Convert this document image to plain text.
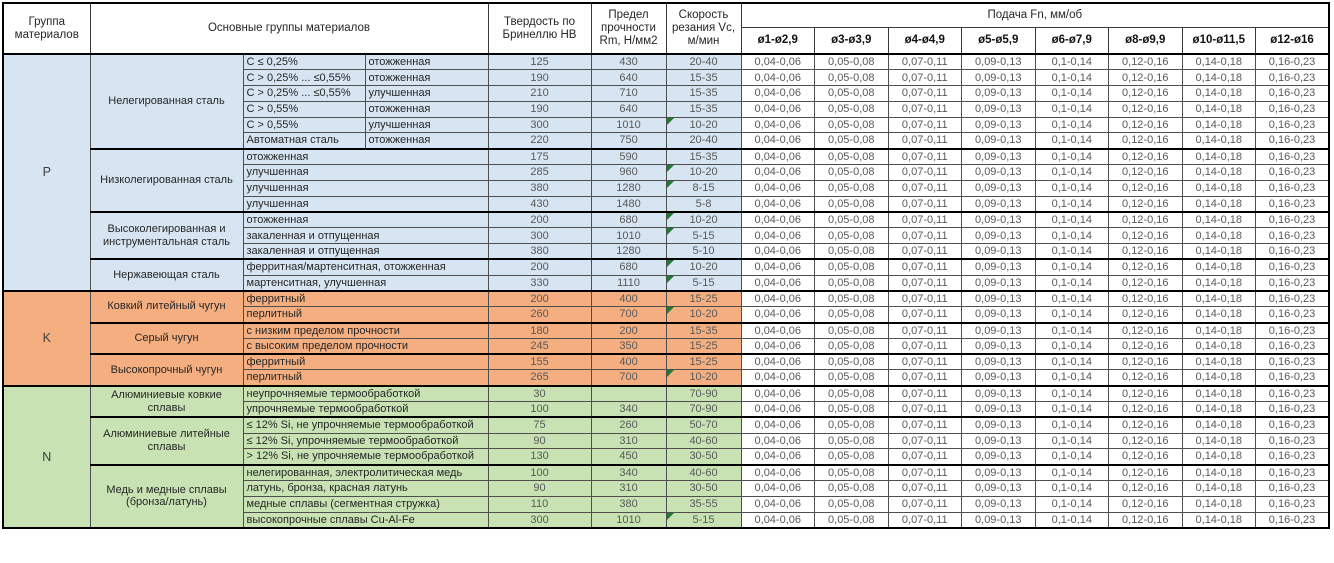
Группа материалов	Основные группы материалов			Твердость по Бринеллю НВ	Предел прочности Rm, Н/мм2	Скорость резания Vc, м/мин	Подача Fn, мм/об							
							ø1-ø2,9	ø3-ø3,9	ø4-ø4,9	ø5-ø5,9	ø6-ø7,9	ø8-ø9,9	ø10-ø11,5	ø12-ø16
P	Нелегированная сталь	C ≤ 0,25%	отожженная	125	430	20-40	0,04-0,06	0,05-0,08	0,07-0,11	0,09-0,13	0,1-0,14	0,12-0,16	0,14-0,18	0,16-0,23
		C > 0,25% ... ≤0,55%	отожженная	190	640	15-35	0,04-0,06	0,05-0,08	0,07-0,11	0,09-0,13	0,1-0,14	0,12-0,16	0,14-0,18	0,16-0,23
		C > 0,25% ... ≤0,55%	улучшенная	210	710	15-35	0,04-0,06	0,05-0,08	0,07-0,11	0,09-0,13	0,1-0,14	0,12-0,16	0,14-0,18	0,16-0,23
		C > 0,55%	отожженная	190	640	15-35	0,04-0,06	0,05-0,08	0,07-0,11	0,09-0,13	0,1-0,14	0,12-0,16	0,14-0,18	0,16-0,23
		C > 0,55%	улучшенная	300	1010	10-20	0,04-0,06	0,05-0,08	0,07-0,11	0,09-0,13	0,1-0,14	0,12-0,16	0,14-0,18	0,16-0,23
		Автоматная сталь	отожженная	220	750	20-40	0,04-0,06	0,05-0,08	0,07-0,11	0,09-0,13	0,1-0,14	0,12-0,16	0,14-0,18	0,16-0,23
	Низколегированная сталь	отожженная		175	590	15-35	0,04-0,06	0,05-0,08	0,07-0,11	0,09-0,13	0,1-0,14	0,12-0,16	0,14-0,18	0,16-0,23
		улучшенная		285	960	10-20	0,04-0,06	0,05-0,08	0,07-0,11	0,09-0,13	0,1-0,14	0,12-0,16	0,14-0,18	0,16-0,23
		улучшенная		380	1280	8-15	0,04-0,06	0,05-0,08	0,07-0,11	0,09-0,13	0,1-0,14	0,12-0,16	0,14-0,18	0,16-0,23
		улучшенная		430	1480	5-8	0,04-0,06	0,05-0,08	0,07-0,11	0,09-0,13	0,1-0,14	0,12-0,16	0,14-0,18	0,16-0,23
	Высоколегированная и инструментальная сталь	отожженная		200	680	10-20	0,04-0,06	0,05-0,08	0,07-0,11	0,09-0,13	0,1-0,14	0,12-0,16	0,14-0,18	0,16-0,23
		закаленная и отпущенная		300	1010	5-15	0,04-0,06	0,05-0,08	0,07-0,11	0,09-0,13	0,1-0,14	0,12-0,16	0,14-0,18	0,16-0,23
		закаленная и отпущенная		380	1280	5-10	0,04-0,06	0,05-0,08	0,07-0,11	0,09-0,13	0,1-0,14	0,12-0,16	0,14-0,18	0,16-0,23
	Нержавеющая сталь	ферритная/мартенситная, отожженная		200	680	10-20	0,04-0,06	0,05-0,08	0,07-0,11	0,09-0,13	0,1-0,14	0,12-0,16	0,14-0,18	0,16-0,23
		мартенситная, улучшенная		330	1110	5-15	0,04-0,06	0,05-0,08	0,07-0,11	0,09-0,13	0,1-0,14	0,12-0,16	0,14-0,18	0,16-0,23
K	Ковкий литейный чугун	ферритный		200	400	15-25	0,04-0,06	0,05-0,08	0,07-0,11	0,09-0,13	0,1-0,14	0,12-0,16	0,14-0,18	0,16-0,23
		перлитный		260	700	10-20	0,04-0,06	0,05-0,08	0,07-0,11	0,09-0,13	0,1-0,14	0,12-0,16	0,14-0,18	0,16-0,23
	Серый чугун	с низким пределом прочности		180	200	15-35	0,04-0,06	0,05-0,08	0,07-0,11	0,09-0,13	0,1-0,14	0,12-0,16	0,14-0,18	0,16-0,23
		с высоким пределом прочности		245	350	15-25	0,04-0,06	0,05-0,08	0,07-0,11	0,09-0,13	0,1-0,14	0,12-0,16	0,14-0,18	0,16-0,23
	Высокопрочный чугун	ферритный		155	400	15-25	0,04-0,06	0,05-0,08	0,07-0,11	0,09-0,13	0,1-0,14	0,12-0,16	0,14-0,18	0,16-0,23
		перлитный		265	700	10-20	0,04-0,06	0,05-0,08	0,07-0,11	0,09-0,13	0,1-0,14	0,12-0,16	0,14-0,18	0,16-0,23
N	Алюминиевые ковкие сплавы	неупрочняемые термообработкой		30		70-90	0,04-0,06	0,05-0,08	0,07-0,11	0,09-0,13	0,1-0,14	0,12-0,16	0,14-0,18	0,16-0,23
		упрочняемые термообработкой		100	340	70-90	0,04-0,06	0,05-0,08	0,07-0,11	0,09-0,13	0,1-0,14	0,12-0,16	0,14-0,18	0,16-0,23
	Алюминиевые литейные сплавы	≤ 12% Si, не упрочняемые термообработкой		75	260	50-70	0,04-0,06	0,05-0,08	0,07-0,11	0,09-0,13	0,1-0,14	0,12-0,16	0,14-0,18	0,16-0,23
		≤ 12% Si, упрочняемые термообработкой		90	310	40-60	0,04-0,06	0,05-0,08	0,07-0,11	0,09-0,13	0,1-0,14	0,12-0,16	0,14-0,18	0,16-0,23
		> 12% Si, не упрочняемые термообработкой		130	450	30-50	0,04-0,06	0,05-0,08	0,07-0,11	0,09-0,13	0,1-0,14	0,12-0,16	0,14-0,18	0,16-0,23
	Медь и медные сплавы (бронза/латунь)	нелегированная, электролитическая медь		100	340	40-60	0,04-0,06	0,05-0,08	0,07-0,11	0,09-0,13	0,1-0,14	0,12-0,16	0,14-0,18	0,16-0,23
		латунь, бронза, красная латунь		90	310	30-50	0,04-0,06	0,05-0,08	0,07-0,11	0,09-0,13	0,1-0,14	0,12-0,16	0,14-0,18	0,16-0,23
		медные сплавы (сегментная стружка)		110	380	35-55	0,04-0,06	0,05-0,08	0,07-0,11	0,09-0,13	0,1-0,14	0,12-0,16	0,14-0,18	0,16-0,23
		высокопрочные сплавы Cu-Al-Fe		300	1010	5-15	0,04-0,06	0,05-0,08	0,07-0,11	0,09-0,13	0,1-0,14	0,12-0,16	0,14-0,18	0,16-0,23
